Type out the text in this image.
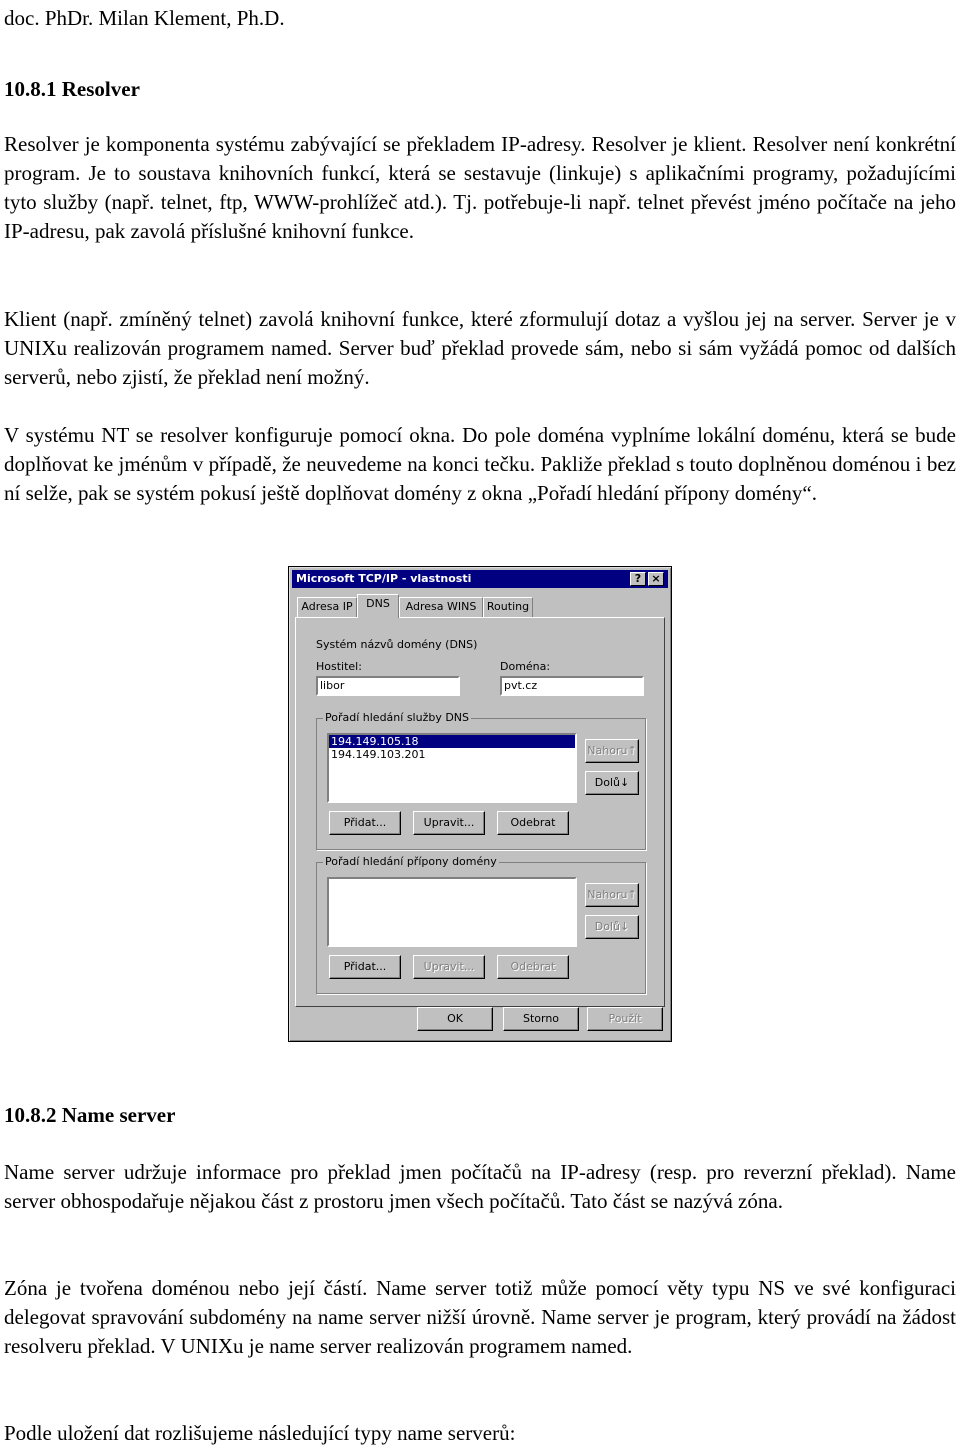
doc. PhDr. Milan Klement, Ph.D.
10.8.1 Resolver

Resolver je komponenta systému zabývající se překladem IP-adresy. Resolver je klient. Resolver není konkrétní program. Je to soustava knihovních funkcí, která se sestavuje (linkuje) s aplikačními programy, požadujícími tyto služby (např. telnet, ftp, WWW-prohlížeč atd.). Tj. potřebuje-li např. telnet převést jméno počítače na jeho IP-adresu, pak zavolá příslušné knihovní funkce.

Klient (např. zmíněný telnet) zavolá knihovní funkce, které zformulují dotaz a vyšlou jej na server. Server je v UNIXu realizován programem named. Server buď překlad provede sám, nebo si sám vyžádá pomoc od dalších serverů, nebo zjistí, že překlad není možný.

V systému NT se resolver konfiguruje pomocí okna. Do pole doména vyplníme lokální doménu, která se bude doplňovat ke jménům v případě, že neuvedeme na konci tečku. Pakliže překlad s touto doplněnou doménou i bez ní selže, pak se systém pokusí ještě doplňovat domény z okna „Pořadí hledání přípony domény“.

Microsoft TCP/IP - vlastnosti	? ×
Adresa IP	DNS	Adresa WINS Routing
Systém názvů domény (DNS)
Hostitel:
libor
Doména:
pvt.cz
Pořadí hledání služby DNS
194.149.105.18
194.149.103.201	Nahoru↑
Dolů↓
Přidat...	Upravit...	Odebrat
Pořadí hledání přípony domény
Nahoru↑
Dolů↓
Přidat...	Upravit...	Odebrat
OK	Storno	Použít
10.8.2 Name server

Name server udržuje informace pro překlad jmen počítačů na IP-adresy (resp. pro reverzní překlad). Name server obhospodařuje nějakou část z prostoru jmen všech počítačů. Tato část se nazývá zóna.

Zóna je tvořena doménou nebo její částí. Name server totiž může pomocí věty typu NS ve své konfiguraci delegovat spravování subdomény na name server nižší úrovně. Name server je program, který provádí na žádost resolveru překlad. V UNIXu je name server realizován programem named.

Podle uložení dat rozlišujeme následující typy name serverů:
